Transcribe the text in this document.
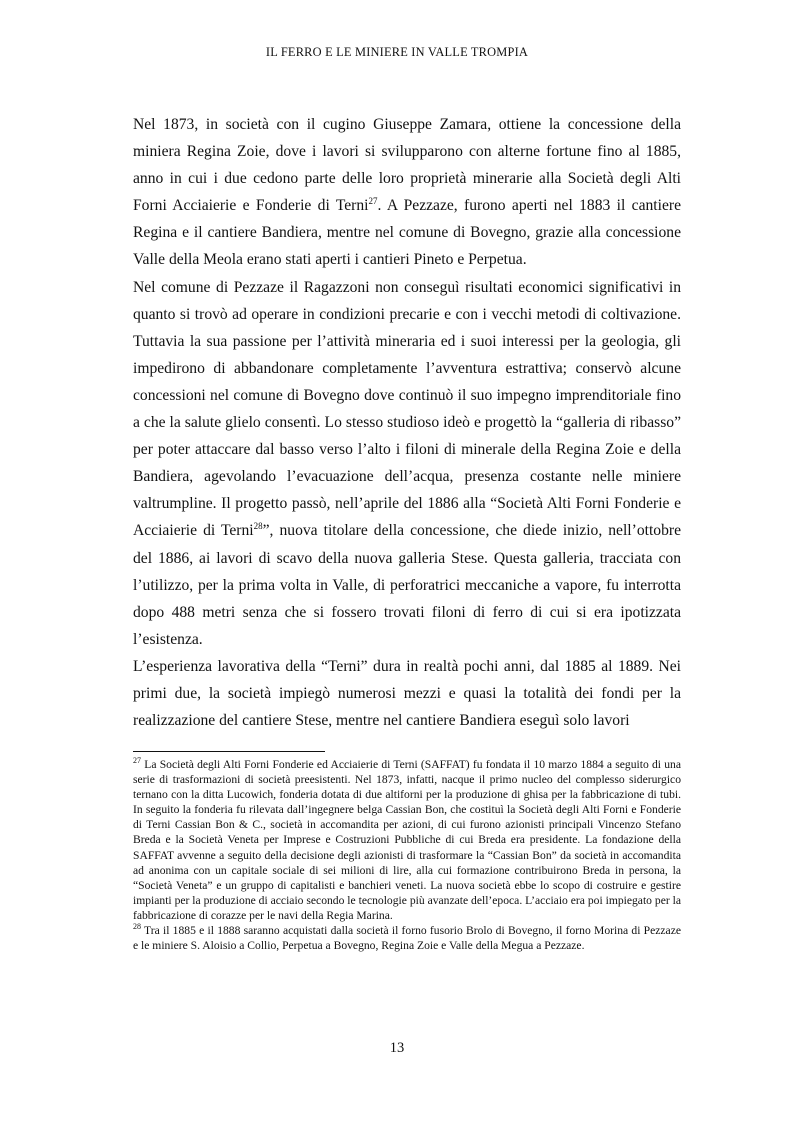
IL FERRO E LE MINIERE IN VALLE TROMPIA

Nel 1873, in società con il cugino Giuseppe Zamara, ottiene la concessione della miniera Regina Zoie, dove i lavori si svilupparono con alterne fortune fino al 1885, anno in cui i due cedono parte delle loro proprietà minerarie alla Società degli Alti Forni Acciaierie e Fonderie di Terni$^{27}$. A Pezzaze, furono aperti nel 1883 il cantiere Regina e il cantiere Bandiera, mentre nel comune di Bovegno, grazie alla concessione Valle della Meola erano stati aperti i cantieri Pineto e Perpetua.

Nel comune di Pezzaze il Ragazzoni non conseguì risultati economici significativi in quanto si trovò ad operare in condizioni precarie e con i vecchi metodi di coltivazione. Tuttavia la sua passione per l’attività mineraria ed i suoi interessi per la geologia, gli impedirono di abbandonare completamente l’avventura estrattiva; conservò alcune concessioni nel comune di Bovegno dove continuò il suo impegno imprenditoriale fino a che la salute glielo consentì. Lo stesso studioso ideò e progettò la “galleria di ribasso” per poter attaccare dal basso verso l’alto i filoni di minerale della Regina Zoie e della Bandiera, agevolando l’evacuazione dell’acqua, presenza costante nelle miniere valtrumpline. Il progetto passò, nell’aprile del 1886 alla “Società Alti Forni Fonderie e Acciaierie di Terni$^{28}$”, nuova titolare della concessione, che diede inizio, nell’ottobre del 1886, ai lavori di scavo della nuova galleria Stese. Questa galleria, tracciata con l’utilizzo, per la prima volta in Valle, di perforatrici meccaniche a vapore, fu interrotta dopo 488 metri senza che si fossero trovati filoni di ferro di cui si era ipotizzata l’esistenza.

L’esperienza lavorativa della “Terni” dura in realtà pochi anni, dal 1885 al 1889. Nei primi due, la società impiegò numerosi mezzi e quasi la totalità dei fondi per la realizzazione del cantiere Stese, mentre nel cantiere Bandiera eseguì solo lavori

$^{27}$ La Società degli Alti Forni Fonderie ed Acciaierie di Terni (SAFFAT) fu fondata il 10 marzo 1884 a seguito di una serie di trasformazioni di società preesistenti. Nel 1873, infatti, nacque il primo nucleo del complesso siderurgico ternano con la ditta Lucowich, fonderia dotata di due altiforni per la produzione di ghisa per la fabbricazione di tubi. In seguito la fonderia fu rilevata dall’ingegnere belga Cassian Bon, che costituì la Società degli Alti Forni e Fonderie di Terni Cassian Bon & C., società in accomandita per azioni, di cui furono azionisti principali Vincenzo Stefano Breda e la Società Veneta per Imprese e Costruzioni Pubbliche di cui Breda era presidente. La fondazione della SAFFAT avvenne a seguito della decisione degli azionisti di trasformare la “Cassian Bon” da società in accomandita ad anonima con un capitale sociale di sei milioni di lire, alla cui formazione contribuirono Breda in persona, la “Società Veneta” e un gruppo di capitalisti e banchieri veneti. La nuova società ebbe lo scopo di costruire e gestire impianti per la produzione di acciaio secondo le tecnologie più avanzate dell’epoca. L’acciaio era poi impiegato per la fabbricazione di corazze per le navi della Regia Marina.

$^{28}$ Tra il 1885 e il 1888 saranno acquistati dalla società il forno fusorio Brolo di Bovegno, il forno Morina di Pezzaze e le miniere S. Aloisio a Collio, Perpetua a Bovegno, Regina Zoie e Valle della Megua a Pezzaze.

13
